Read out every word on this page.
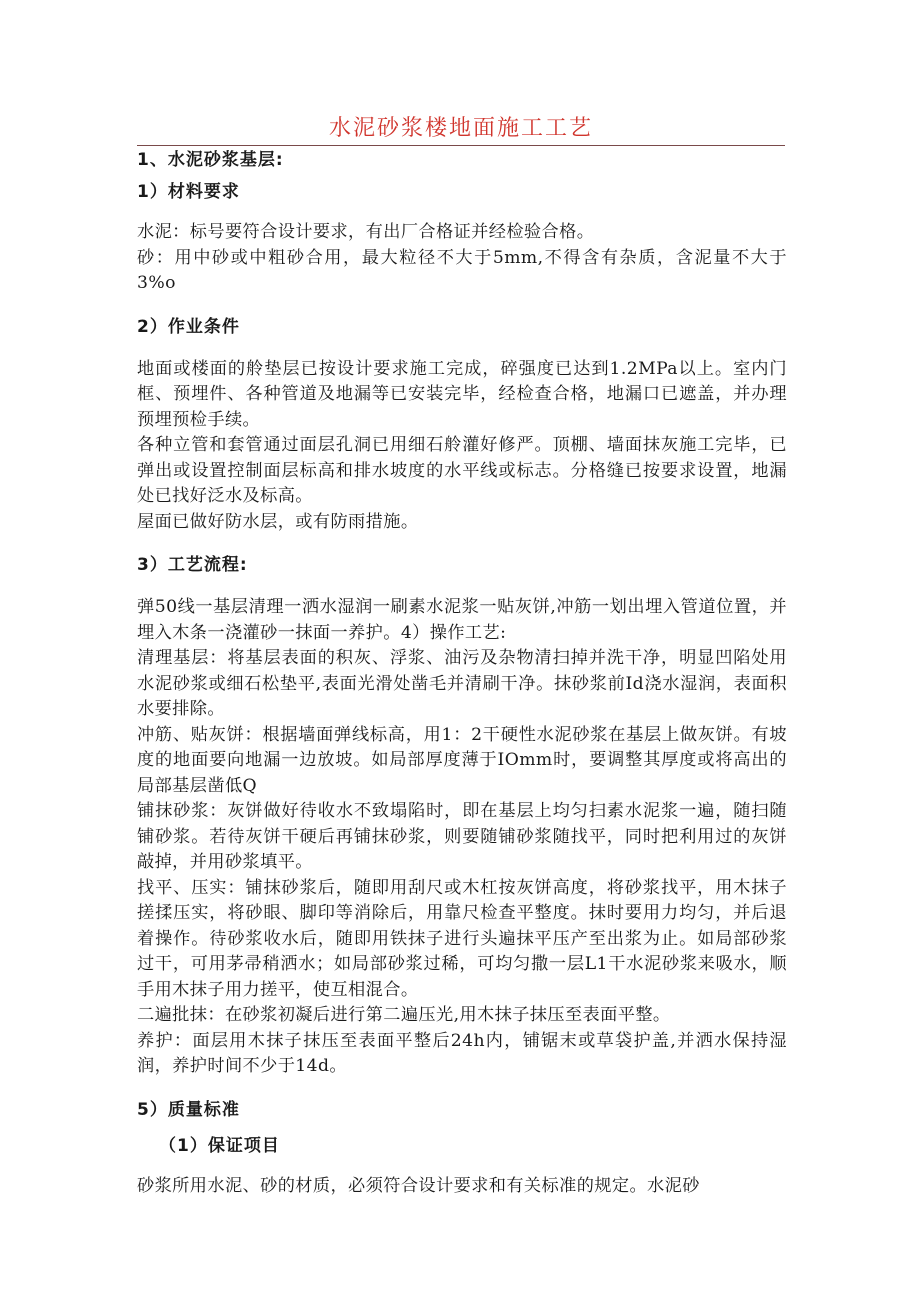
水泥砂浆楼地面施工工艺
1、水泥砂浆基层:
1）材料要求

水泥：标号要符合设计要求，有出厂合格证并经检验合格。

砂：用中砂或中粗砂合用，最大粒径不大于5mm,不得含有杂质，含泥量不大于3%o

2）作业条件

地面或楼面的舲垫层已按设计要求施工完成，碎强度已达到1.2MPa以上。室内门框、预埋件、各种管道及地漏等已安装完毕，经检查合格，地漏口已遮盖，并办理预埋预检手续。

各种立管和套管通过面层孔洞已用细石舲灌好修严。顶棚、墙面抹灰施工完毕，已弹出或设置控制面层标高和排水坡度的水平线或标志。分格缝已按要求设置，地漏处已找好泛水及标高。

屋面已做好防水层，或有防雨措施。

3）工艺流程:

弹50线一基层清理一洒水湿润一刷素水泥浆一贴灰饼,冲筋一划出埋入管道位置，并埋入木条一浇灌砂一抹面一养护。4）操作工艺:

清理基层：将基层表面的积灰、浮浆、油污及杂物清扫掉并洗干净，明显凹陷处用水泥砂浆或细石松垫平,表面光滑处凿毛并清刷干净。抹砂浆前Id浇水湿润，表面积水要排除。

冲筋、贴灰饼：根据墙面弹线标高，用1：2干硬性水泥砂浆在基层上做灰饼。有坡度的地面要向地漏一边放坡。如局部厚度薄于IOmm时，要调整其厚度或将高出的局部基层凿低Q

铺抹砂浆：灰饼做好待收水不致塌陷时，即在基层上均匀扫素水泥浆一遍，随扫随铺砂浆。若待灰饼干硬后再铺抹砂浆，则要随铺砂浆随找平，同时把利用过的灰饼敲掉，并用砂浆填平。

找平、压实：铺抹砂浆后，随即用刮尺或木杠按灰饼高度，将砂浆找平，用木抹子搓揉压实，将砂眼、脚印等消除后，用靠尺检查平整度。抹时要用力均匀，并后退着操作。待砂浆收水后，随即用铁抹子进行头遍抹平压产至出浆为止。如局部砂浆过干，可用茅帚稍洒水；如局部砂浆过稀，可均匀撒一层L1干水泥砂浆来吸水，顺手用木抹子用力搓平，使互相混合。

二遍批抹：在砂浆初凝后进行第二遍压光,用木抹子抹压至表面平整。

养护：面层用木抹子抹压至表面平整后24h内，铺锯末或草袋护盖,并洒水保持湿润，养护时间不少于14d。

5）质量标准
（1）保证项目

砂浆所用水泥、砂的材质，必须符合设计要求和有关标准的规定。水泥砂
